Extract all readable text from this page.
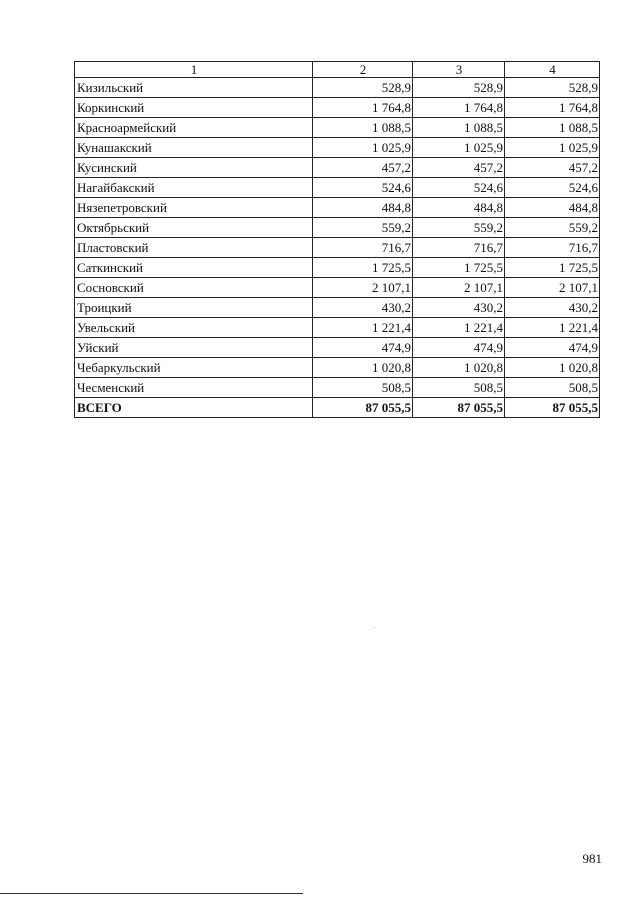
1	2	3	4
Кизильский	528,9	528,9	528,9
Коркинский	1 764,8	1 764,8	1 764,8
Красноармейский	1 088,5	1 088,5	1 088,5
Кунашакский	1 025,9	1 025,9	1 025,9
Кусинский	457,2	457,2	457,2
Нагайбакский	524,6	524,6	524,6
Нязепетровский	484,8	484,8	484,8
Октябрьский	559,2	559,2	559,2
Пластовский	716,7	716,7	716,7
Саткинский	1 725,5	1 725,5	1 725,5
Сосновский	2 107,1	2 107,1	2 107,1
Троицкий	430,2	430,2	430,2
Увельский	1 221,4	1 221,4	1 221,4
Уйский	474,9	474,9	474,9
Чебаркульский	1 020,8	1 020,8	1 020,8
Чесменский	508,5	508,5	508,5
ВСЕГО	87 055,5	87 055,5	87 055,5
981
